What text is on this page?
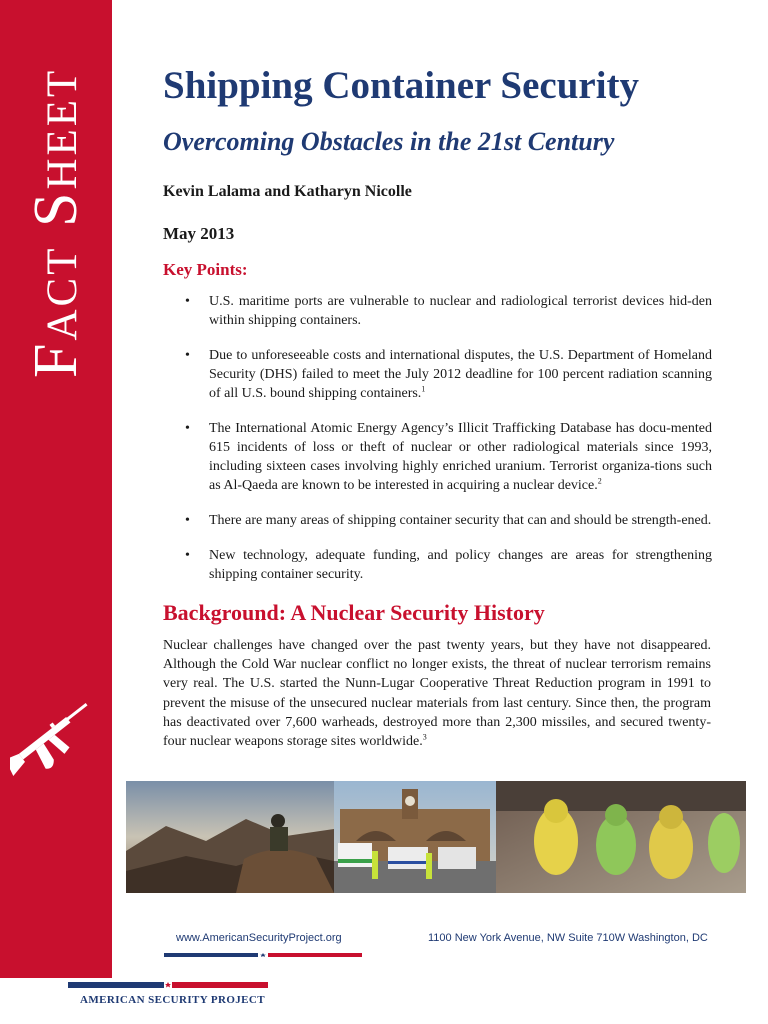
Fact Sheet	Shipping Container Security
Overcoming Obstacles in the 21st Century
Kevin Lalama and Katharyn Nicolle
May 2013
Key Points:
• U.S. maritime ports are vulnerable to nuclear and radiological terrorist devices hid-den within shipping containers.
• Due to unforeseeable costs and international disputes, the U.S. Department of Homeland Security (DHS) failed to meet the July 2012 deadline for 100 percent radiation scanning of all U.S. bound shipping containers.$^1$
• The International Atomic Energy Agency’s Illicit Trafficking Database has docu-mented 615 incidents of loss or theft of nuclear or other radiological materials since 1993, including sixteen cases involving highly enriched uranium. Terrorist organiza-tions such as Al-Qaeda are known to be interested in acquiring a nuclear device.$^2$
• There are many areas of shipping container security that can and should be strength-ened.
• New technology, adequate funding, and policy changes are areas for strengthening shipping container security.
Background: A Nuclear Security History

Nuclear challenges have changed over the past twenty years, but they have not disappeared. Although the Cold War nuclear conflict no longer exists, the threat of nuclear terrorism remains very real. The U.S. started the Nunn-Lugar Cooperative Threat Reduction program in 1991 to prevent the misuse of the unsecured nuclear materials from last century. Since then, the program has deactivated over 7,600 warheads, destroyed more than 2,300 missiles, and secured twenty-four nuclear weapons storage sites worldwide.$^3$

www.AmericanSecurityProject.org	1100 New York Avenue, NW Suite 710W Washington, DC
AMERICAN SECURITY PROJECT
